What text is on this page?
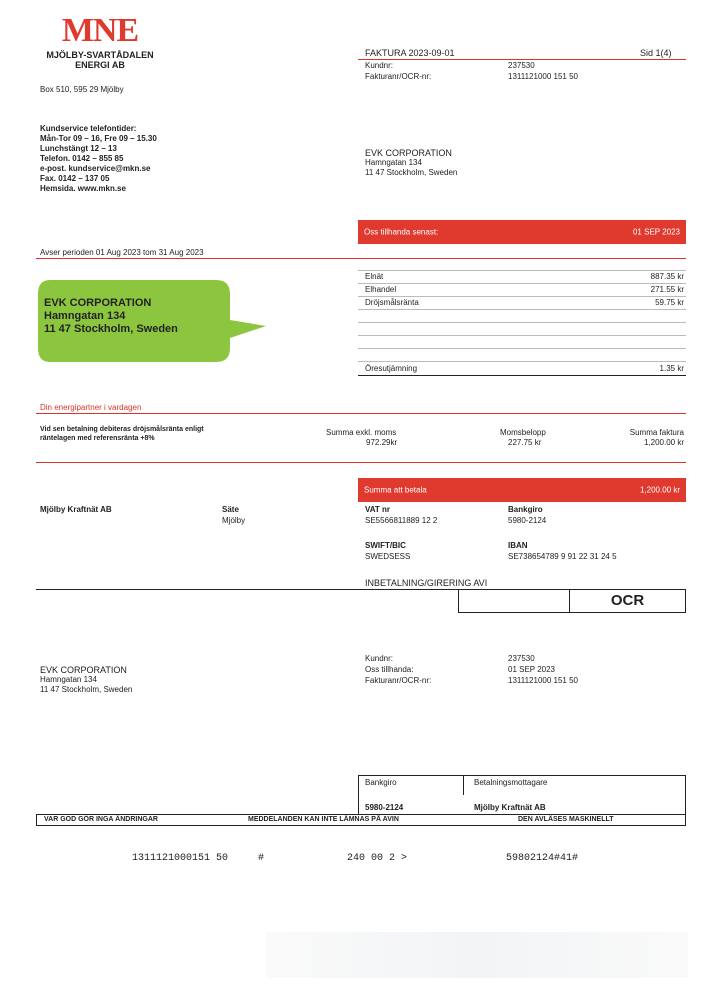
MNE
MJÖLBY-SVARTÅDALEN
ENERGI AB
Box 510, 595 29 Mjölby
Kundservice telefontider:
Mån-Tor 09 – 16, Fre 09 – 15.30
Lunchstängt 12 – 13
Telefon. 0142 – 855 85
e-post. kundservice@mkn.se
Fax. 0142 – 137 05
Hemsida. www.mkn.se
FAKTURA 2023-09-01	Sid 1(4)
Kundnr:	237530
Fakturanr/OCR-nr:	1311121000 151 50
EVK CORPORATION
Hamngatan 134
11 47 Stockholm, Sweden
Oss tillhanda senast:	01 SEP 2023
Avser perioden 01 Aug 2023 tom 31 Aug 2023
EVK CORPORATION
Hamngatan 134
11 47 Stockholm, Sweden
Elnät	887.35 kr
Elhandel	271.55 kr
Dröjsmålsränta	59.75 kr
Öresutjämning	1.35 kr
Din energipartner i vardagen
Vid sen betalning debiteras dröjsmålsränta enligt
räntelagen med referensränta +8%
Summa exkl. moms
972.29kr
Momsbelopp
227.75 kr
Summa faktura
1,200.00 kr
Summa att betala	1,200.00 kr
Mjölby Kraftnät AB	Säte
Mjölby
VAT nr
SE5566811889 12 2
Bankgiro
5980-2124
SWIFT/BIC
SWEDSESS
IBAN
SE738654789 9 91 22 31 24 5
INBETALNING/GIRERING AVI
OCR
Kundnr:	237530
Oss tillhanda:	01 SEP 2023
Fakturanr/OCR-nr:	1311121000 151 50
EVK CORPORATION
Hamngatan 134
11 47 Stockholm, Sweden
Bankgiro	Betalningsmottagare
5980-2124	Mjölby Kraftnät AB
VAR GOD GÖR INGA ÄNDRINGAR	MEDDELANDEN KAN INTE LÄMNAS PÅ AVIN	DEN AVLÄSES MASKINELLT
1311121000151 50	#	240 00 2 >	59802124#41#
